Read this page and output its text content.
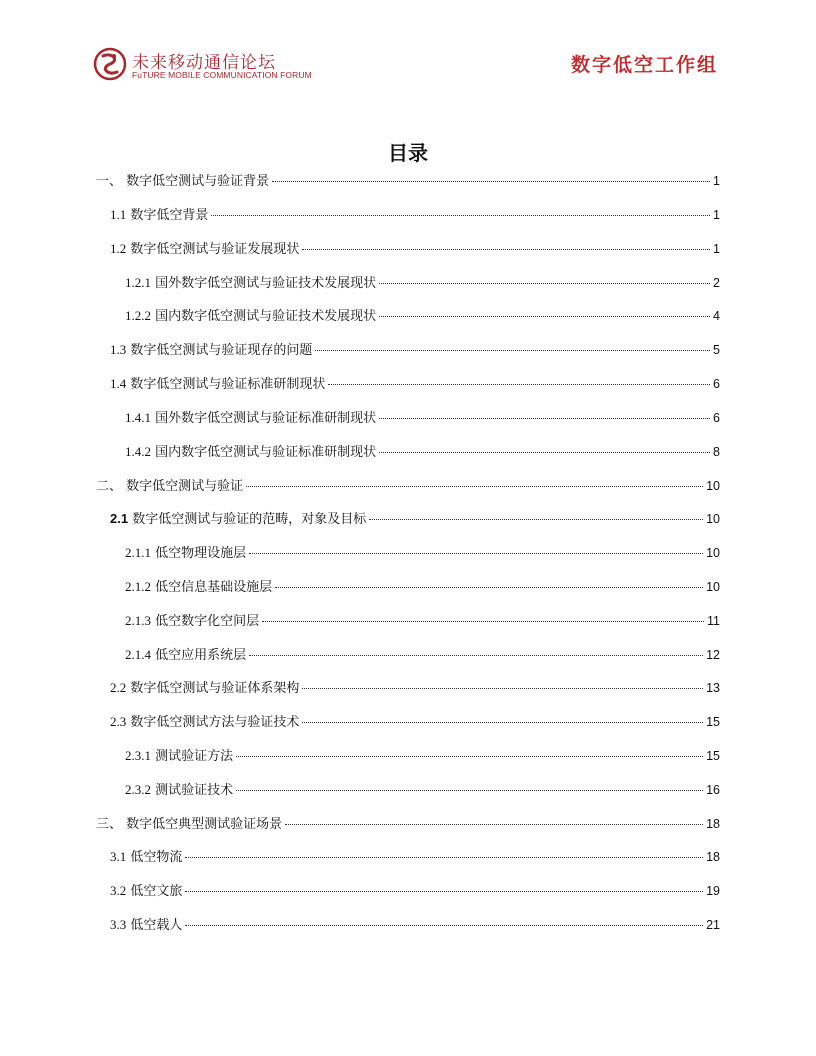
未来移动通信论坛
FuTURE MOBILE COMMUNICATION FORUM	数字低空工作组
目录
一、 数字低空测试与验证背景	1
1.1 数字低空背景	1
1.2 数字低空测试与验证发展现状	1
1.2.1 国外数字低空测试与验证技术发展现状	2
1.2.2 国内数字低空测试与验证技术发展现状	4
1.3 数字低空测试与验证现存的问题	5
1.4 数字低空测试与验证标准研制现状	6
1.4.1 国外数字低空测试与验证标准研制现状	6
1.4.2 国内数字低空测试与验证标准研制现状	8
二、 数字低空测试与验证	10
2.1 数字低空测试与验证的范畴，对象及目标	10
2.1.1 低空物理设施层	10
2.1.2 低空信息基础设施层	10
2.1.3 低空数字化空间层	11
2.1.4 低空应用系统层	12
2.2 数字低空测试与验证体系架构	13
2.3 数字低空测试方法与验证技术	15
2.3.1 测试验证方法	15
2.3.2 测试验证技术	16
三、 数字低空典型测试验证场景	18
3.1 低空物流	18
3.2 低空文旅	19
3.3 低空载人	21
